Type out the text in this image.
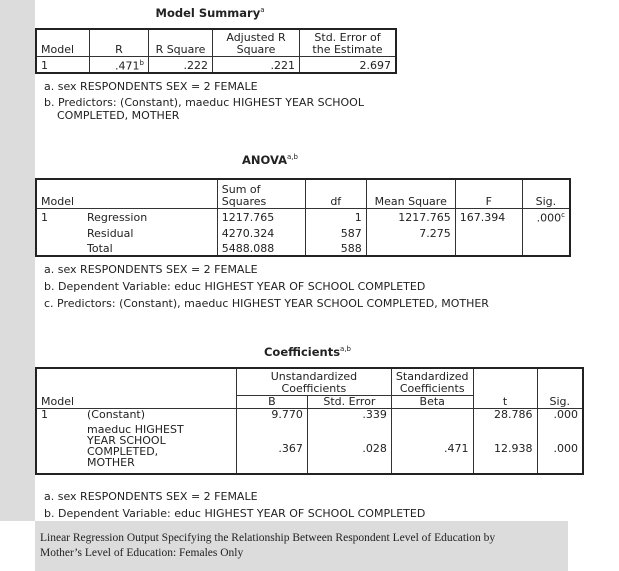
Model Summary$^a$
Model	R	R Square	Adjusted R
Square	Std. Error of
the Estimate
1	.471$^b$	.222	.221	2.697
a. sex RESPONDENTS SEX = 2 FEMALE
b. Predictors: (Constant), maeduc HIGHEST YEAR SCHOOL
COMPLETED, MOTHER
ANOVA$^{a,b}$
Model		Sum of
Squares	df	Mean Square	F	Sig.
1	Regression	1217.765	1	1217.765	167.394	.000$^c$
	Residual	4270.324	587	7.275		
	Total	5488.088	588			
a. sex RESPONDENTS SEX = 2 FEMALE
b. Dependent Variable: educ HIGHEST YEAR OF SCHOOL COMPLETED
c. Predictors: (Constant), maeduc HIGHEST YEAR SCHOOL COMPLETED, MOTHER
Coefficients$^{a,b}$
Model		Unstandardized Coefficients		Standardized
Coefficients	t	Sig.
		B	Std. Error	Beta		
1	(Constant)	9.770	.339		28.786	.000
	maeduc HIGHEST
YEAR SCHOOL
COMPLETED,
MOTHER	.367	.028	.471	12.938	.000
a. sex RESPONDENTS SEX = 2 FEMALE
b. Dependent Variable: educ HIGHEST YEAR OF SCHOOL COMPLETED
Linear Regression Output Specifying the Relationship Between Respondent Level of Education by
Mother’s Level of Education: Females Only
